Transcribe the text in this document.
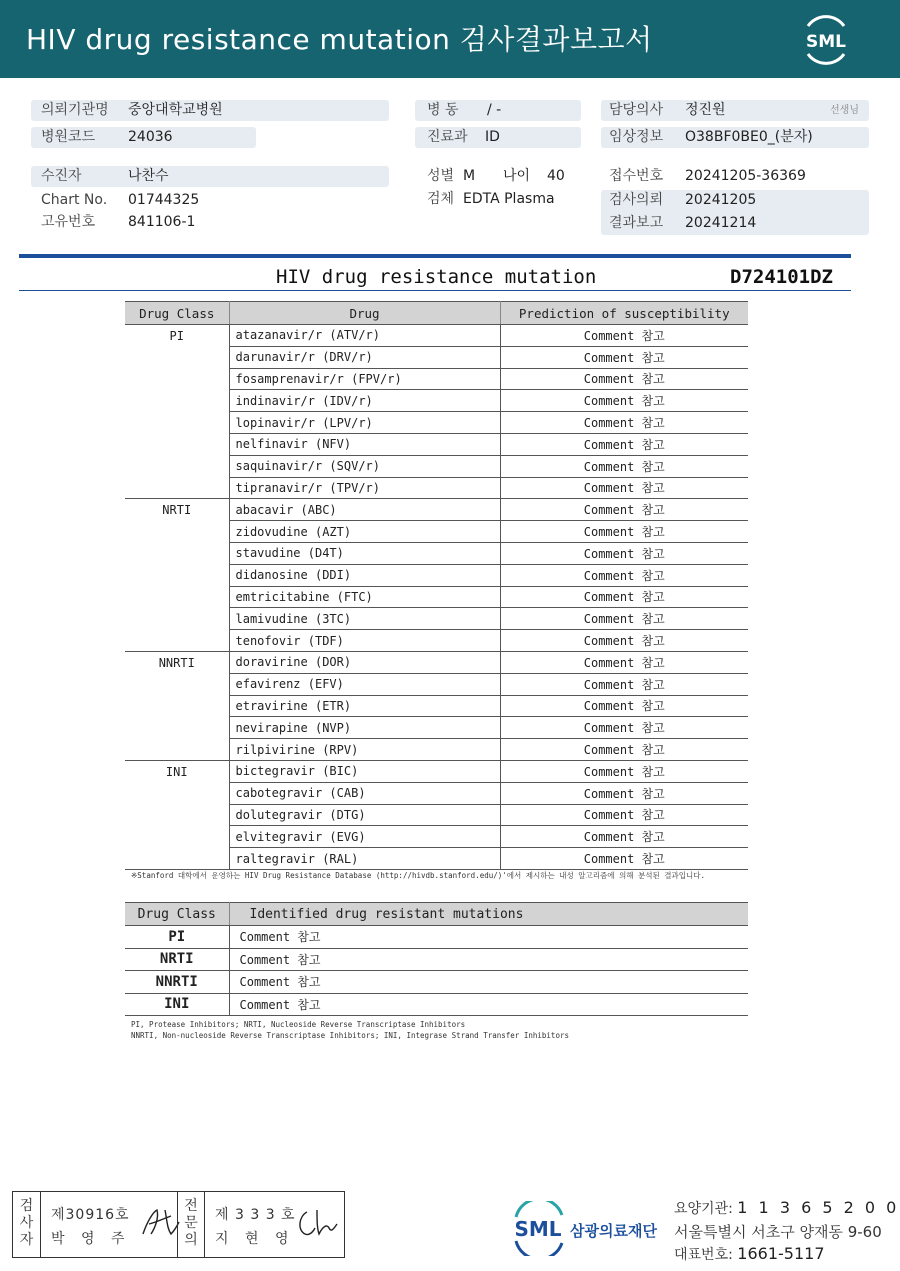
HIV drug resistance mutation 검사결과보고서	SML
의뢰기관명 중앙대학교병원
병원코드 24036
병 동 / -
진료과 ID
담당의사 정진원	선생님
임상정보 O38BF0BE0_(분자)
수진자	나찬수
Chart No. 01744325
고유번호 841106-1
성별 M 나이 40
검체 EDTA Plasma
접수번호 20241205-36369
검사의뢰 20241205
결과보고 20241214
HIV drug resistance mutation	D724101DZ
Drug Class	Drug	Prediction of susceptibility
PI	atazanavir/r (ATV/r)	Comment 참고
	darunavir/r (DRV/r)	Comment 참고
	fosamprenavir/r (FPV/r)	Comment 참고
	indinavir/r (IDV/r)	Comment 참고
	lopinavir/r (LPV/r)	Comment 참고
	nelfinavir (NFV)	Comment 참고
	saquinavir/r (SQV/r)	Comment 참고
	tipranavir/r (TPV/r)	Comment 참고
NRTI	abacavir (ABC)	Comment 참고
	zidovudine (AZT)	Comment 참고
	stavudine (D4T)	Comment 참고
	didanosine (DDI)	Comment 참고
	emtricitabine (FTC)	Comment 참고
	lamivudine (3TC)	Comment 참고
	tenofovir (TDF)	Comment 참고
NNRTI	doravirine (DOR)	Comment 참고
	efavirenz (EFV)	Comment 참고
	etravirine (ETR)	Comment 참고
	nevirapine (NVP)	Comment 참고
	rilpivirine (RPV)	Comment 참고
INI	bictegravir (BIC)	Comment 참고
	cabotegravir (CAB)	Comment 참고
	dolutegravir (DTG)	Comment 참고
	elvitegravir (EVG)	Comment 참고
	raltegravir (RAL)	Comment 참고
※Stanford 대학에서 운영하는 HIV Drug Resistance Database (http://hivdb.stanford.edu/)'에서 제시하는 내성 알고리즘에 의해 분석된 결과입니다.
Drug Class	Identified drug resistant mutations
PI	Comment 참고
NRTI	Comment 참고
NNRTI	Comment 참고
INI	Comment 참고
PI, Protease Inhibitors; NRTI, Nucleoside Reverse Transcriptase Inhibitors
NNRTI, Non-nucleoside Reverse Transcriptase Inhibitors; INI, Integrase Strand Transfer Inhibitors
검
사
자
제30916호
박 영 주
전
문
의
제 3 3 3 호
지 현 영	SML 삼광의료재단
요양기관: 1 1 3 6 5 2 0 0
서울특별시 서초구 양재동 9-60
대표번호: 1661-5117
